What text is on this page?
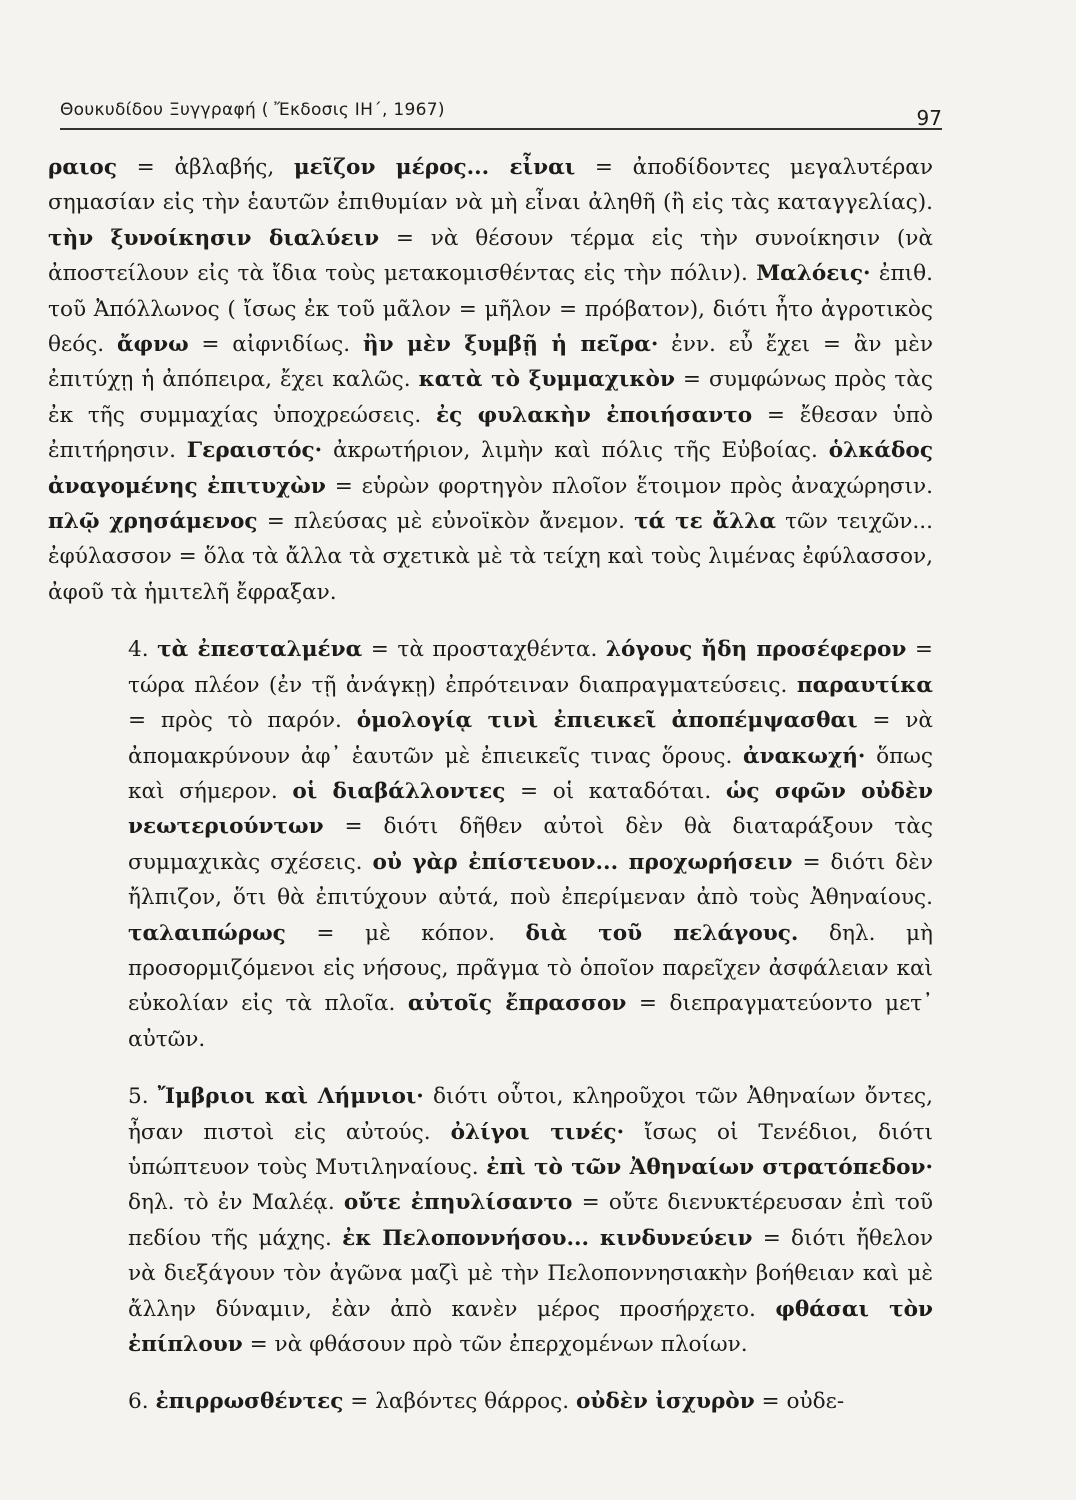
Θουκυδίδου Ξυγγραφή ( Ἔκδοσις ΙΗ΄, 1967)	97

ραιος = ἀβλαβής, μεῖζον μέρος... εἶναι = ἀποδίδοντες μεγαλυτέραν σημασίαν εἰς τὴν ἑαυτῶν ἐπιθυμίαν νὰ μὴ εἶναι ἀληθῆ (ἢ εἰς τὰς καταγγελίας). τὴν ξυνοίκησιν διαλύειν = νὰ θέσουν τέρμα εἰς τὴν συνοίκησιν (νὰ ἀποστείλουν εἰς τὰ ἴδια τοὺς μετακομισθέντας εἰς τὴν πόλιν). Μαλόεις· ἐπιθ. τοῦ Ἀπόλλωνος ( ἴσως ἐκ τοῦ μᾶλον = μῆλον = πρόβατον), διότι ἦτο ἀγροτικὸς θεός. ἄφνω = αἰφνιδίως. ἢν μὲν ξυμβῇ ἡ πεῖρα· ἐνν. εὖ ἔχει = ἂν μὲν ἐπιτύχῃ ἡ ἀπόπειρα, ἔχει καλῶς. κατὰ τὸ ξυμμαχικὸν = συμφώνως πρὸς τὰς ἐκ τῆς συμμαχίας ὑποχρεώσεις. ἐς φυλακὴν ἐποιήσαντο = ἔθεσαν ὑπὸ ἐπιτήρησιν. Γεραιστός· ἀκρωτήριον, λιμὴν καὶ πόλις τῆς Εὐβοίας. ὁλκάδος ἀναγομένης ἐπιτυχὼν = εὑρὼν φορτηγὸν πλοῖον ἕτοιμον πρὸς ἀναχώρησιν. πλῷ χρησάμενος = πλεύσας μὲ εὐνοϊκὸν ἄνεμον. τά τε ἄλλα τῶν τειχῶν... ἐφύλασσον = ὅλα τὰ ἄλλα τὰ σχετικὰ μὲ τὰ τείχη καὶ τοὺς λιμένας ἐφύλασσον, ἀφοῦ τὰ ἡμιτελῆ ἔφραξαν.

4. τὰ ἐπεσταλμένα = τὰ προσταχθέντα. λόγους ἤδη προσέφερον = τώρα πλέον (ἐν τῇ ἀνάγκῃ) ἐπρότειναν διαπραγματεύσεις. παραυτίκα = πρὸς τὸ παρόν. ὁμολογίᾳ τινὶ ἐπιεικεῖ ἀποπέμψασθαι = νὰ ἀπομακρύνουν ἀφ᾿ ἑαυτῶν μὲ ἐπιεικεῖς τινας ὅρους. ἀνακωχή· ὅπως καὶ σήμερον. οἱ διαβάλλοντες = οἱ καταδόται. ὡς σφῶν οὐδὲν νεωτεριούντων = διότι δῆθεν αὐτοὶ δὲν θὰ διαταράξουν τὰς συμμαχικὰς σχέσεις. οὐ γὰρ ἐπίστευον... προχωρήσειν = διότι δὲν ἤλπιζον, ὅτι θὰ ἐπιτύχουν αὐτά, ποὺ ἐπερίμεναν ἀπὸ τοὺς Ἀθηναίους. ταλαιπώρως = μὲ κόπον. διὰ τοῦ πελάγους. δηλ. μὴ προσορμιζόμενοι εἰς νήσους, πρᾶγμα τὸ ὁποῖον παρεῖχεν ἀσφάλειαν καὶ εὐκολίαν εἰς τὰ πλοῖα. αὐτοῖς ἔπρασσον = διεπραγματεύοντο μετ᾿ αὐτῶν.

5. Ἴμβριοι καὶ Λήμνιοι· διότι οὗτοι, κληροῦχοι τῶν Ἀθηναίων ὄντες, ἦσαν πιστοὶ εἰς αὐτούς. ὀλίγοι τινές· ἴσως οἱ Τενέδιοι, διότι ὑπώπτευον τοὺς Μυτιληναίους. ἐπὶ τὸ τῶν Ἀθηναίων στρατόπεδον· δηλ. τὸ ἐν Μαλέᾳ. οὔτε ἐπηυλίσαντο = οὔτε διενυκτέρευσαν ἐπὶ τοῦ πεδίου τῆς μάχης. ἐκ Πελοποννήσου... κινδυνεύειν = διότι ἤθελον νὰ διεξάγουν τὸν ἀγῶνα μαζὶ μὲ τὴν Πελοποννησιακὴν βοήθειαν καὶ μὲ ἄλλην δύναμιν, ἐὰν ἀπὸ κανὲν μέρος προσήρχετο. φθάσαι τὸν ἐπίπλουν = νὰ φθάσουν πρὸ τῶν ἐπερχομένων πλοίων.

6. ἐπιρρωσθέντες = λαβόντες θάρρος. οὐδὲν ἰσχυρὸν = οὐδε-
